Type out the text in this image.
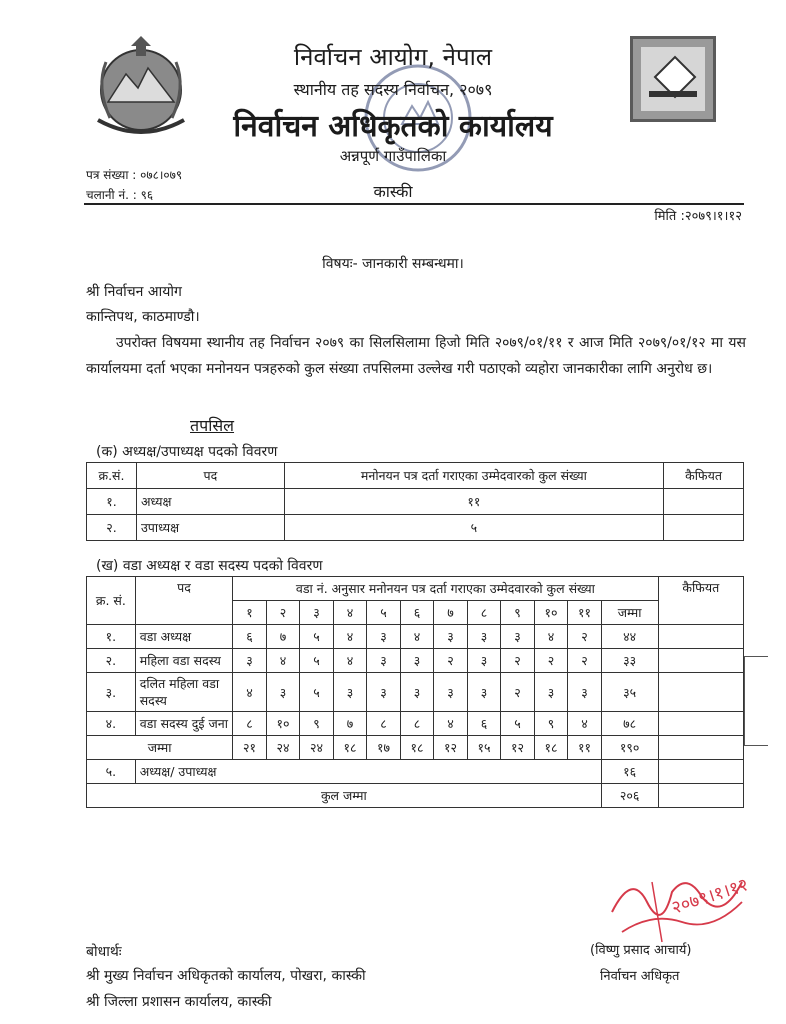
निर्वाचन आयोग, नेपाल
स्थानीय तह सदस्य निर्वाचन, २०७९
निर्वाचन अधिकृतको कार्यालय
अन्नपूर्ण गाउँपालिका
कास्की
पत्र संख्या : ०७८।०७९
चलानी नं. : ९६
मिति :२०७९।१।१२
विषयः- जानकारी सम्बन्धमा।
श्री निर्वाचन आयोग
कान्तिपथ, काठमाण्डौ।
उपरोक्त विषयमा स्थानीय तह निर्वाचन २०७९ का सिलसिलामा हिजो मिति २०७९/०१/११ र आज मिति २०७९/०१/१२ मा यस कार्यालयमा दर्ता भएका मनोनयन पत्रहरुको कुल संख्या तपसिलमा उल्लेख गरी पठाएको व्यहोरा जानकारीका लागि अनुरोध छ।
तपसिल
(क) अध्यक्ष/उपाध्यक्ष पदको विवरण
क्र.सं.	पद	मनोनयन पत्र दर्ता गराएका उम्मेदवारको कुल संख्या	कैफियत
१.	अध्यक्ष	११	
२.	उपाध्यक्ष	५	
(ख) वडा अध्यक्ष र वडा सदस्य पदको विवरण
क्र. सं.	पद	वडा नं. अनुसार मनोनयन पत्र दर्ता गराएका उम्मेदवारको कुल संख्या												कैफियत
		१	२	३	४	५	६	७	८	९	१०	११	जम्मा	
१.	वडा अध्यक्ष	६	७	५	४	३	४	३	३	३	४	२	४४	
२.	महिला वडा सदस्य	३	४	५	४	३	३	२	३	२	२	२	३३	
३.	दलित महिला वडा सदस्य	४	३	५	३	३	३	३	३	२	३	३	३५	
४.	वडा सदस्य दुई जना	८	१०	९	७	८	८	४	६	५	९	४	७८	
जम्मा		२१	२४	२४	१८	१७	१८	१२	१५	१२	१८	११	१९०	
५.	अध्यक्ष/ उपाध्यक्ष												१६	
कुल जम्मा													२०६	
२०७९।१।१२
बोधार्थः
श्री मुख्य निर्वाचन अधिकृतको कार्यालय, पोखरा, कास्की
श्री जिल्ला प्रशासन कार्यालय, कास्की
(विष्णु प्रसाद आचार्य)
निर्वाचन अधिकृत
